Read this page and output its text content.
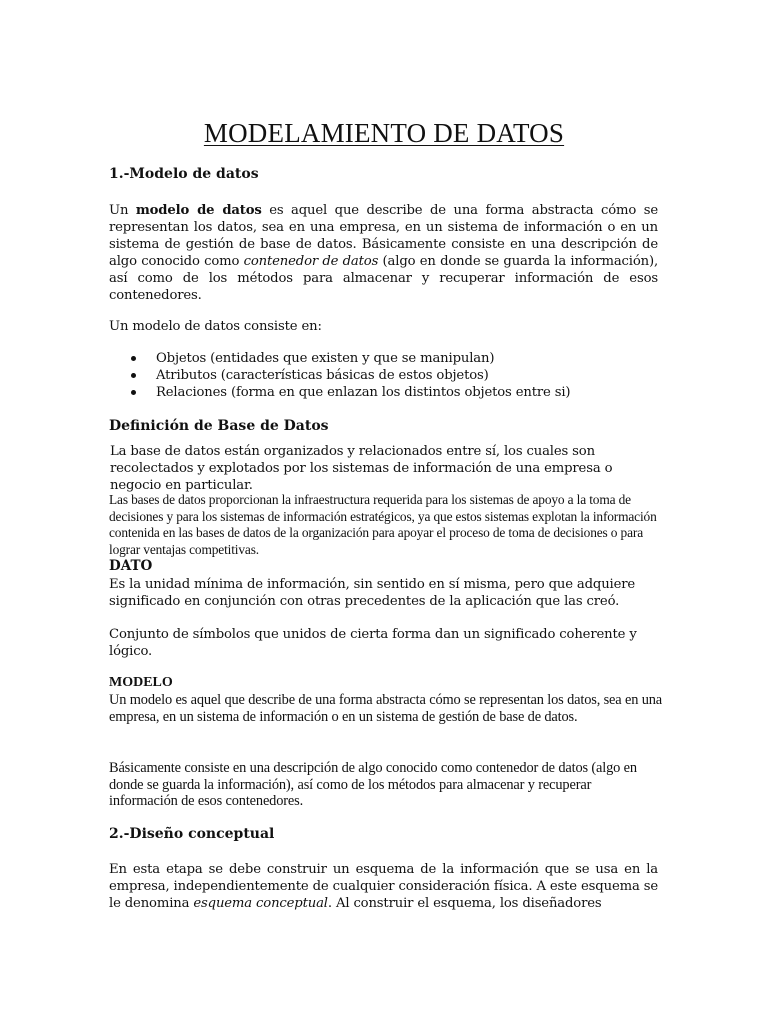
MODELAMIENTO DE DATOS
1.-Modelo de datos
Un modelo de datos es aquel que describe de una forma abstracta cómo se representan los datos, sea en una empresa, en un sistema de información o en un sistema de gestión de base de datos. Básicamente consiste en una descripción de algo conocido como contenedor de datos (algo en donde se guarda la información), así como de los métodos para almacenar y recuperar información de esos contenedores.
Un modelo de datos consiste en:
Objetos (entidades que existen y que se manipulan)
Atributos (características básicas de estos objetos)
Relaciones (forma en que enlazan los distintos objetos entre si)
Definición de Base de Datos
La base de datos están organizados y relacionados entre sí, los cuales son recolectados y explotados por los sistemas de información de una empresa o negocio en particular.
Las bases de datos proporcionan la infraestructura requerida para los sistemas de apoyo a la toma de decisiones y para los sistemas de información estratégicos, ya que estos sistemas explotan la información contenida en las bases de datos de la organización para apoyar el proceso de toma de decisiones o para lograr ventajas competitivas.
DATO
Es la unidad mínima de información, sin sentido en sí misma, pero que adquiere significado en conjunción con otras precedentes de la aplicación que las creó.
Conjunto de símbolos que unidos de cierta forma dan un significado coherente y lógico.
MODELO
Un modelo es aquel que describe de una forma abstracta cómo se representan los datos, sea en una empresa, en un sistema de información o en un sistema de gestión de base de datos.
Básicamente consiste en una descripción de algo conocido como contenedor de datos (algo en donde se guarda la información), así como de los métodos para almacenar y recuperar información de esos contenedores.
2.-Diseño conceptual
En esta etapa se debe construir un esquema de la información que se usa en la empresa, independientemente de cualquier consideración física. A este esquema se le denomina esquema conceptual. Al construir el esquema, los diseñadores
